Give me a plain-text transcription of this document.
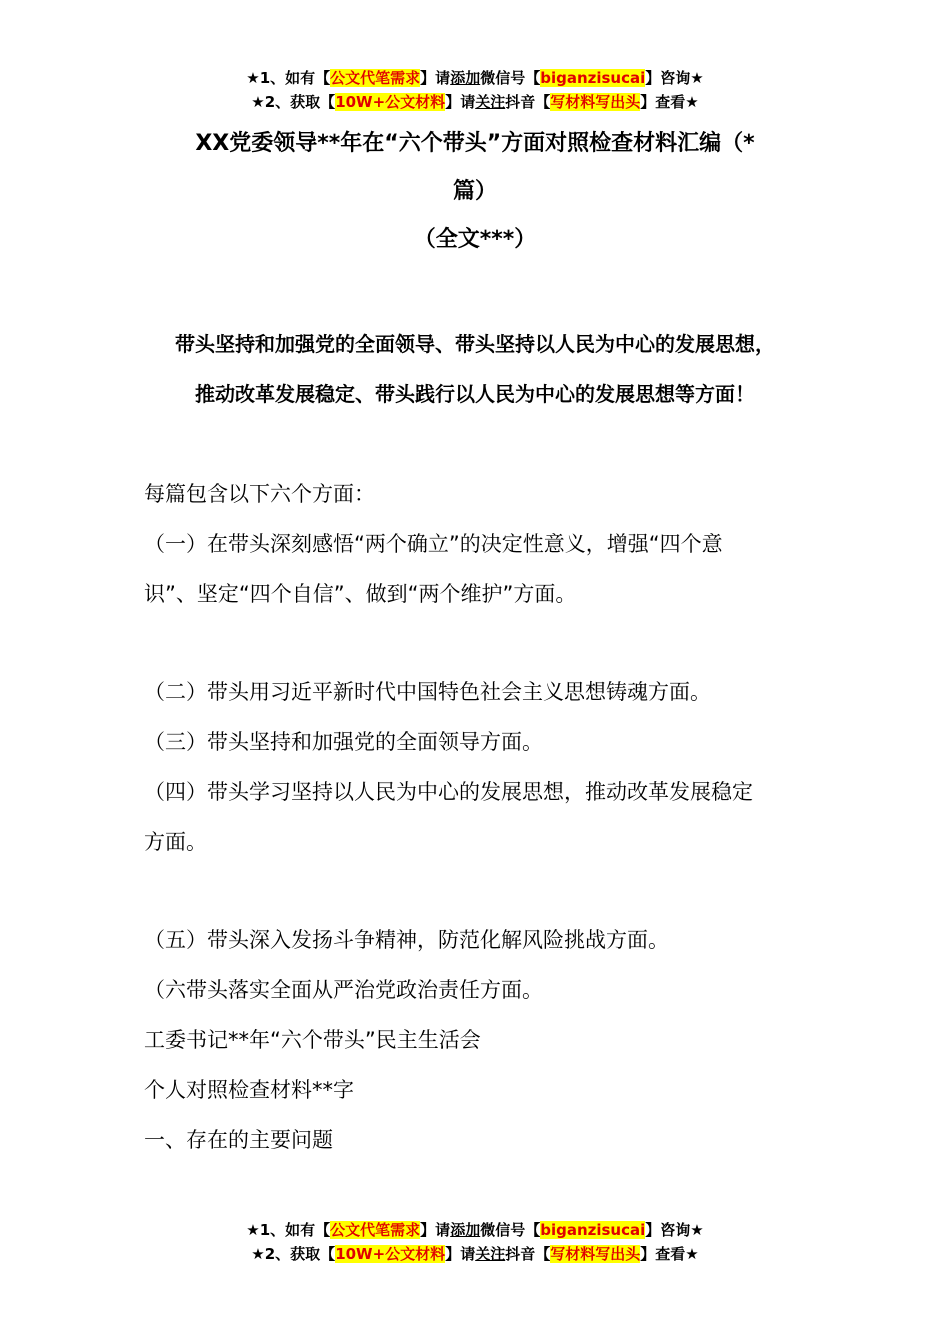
★1、如有【公文代笔需求】请添加微信号【biganzisucai】咨询★
★2、获取【10W+公文材料】请关注抖音【写材料写出头】查看★
XX党委领导**年在“六个带头”方面对照检查材料汇编（*
篇）
（全文***）
带头坚持和加强党的全面领导、带头坚持以人民为中心的发展思想，
推动改革发展稳定、带头践行以人民为中心的发展思想等方面！
每篇包含以下六个方面：
（一）在带头深刻感悟“两个确立”的决定性意义，增强“四个意
识”、坚定“四个自信”、做到“两个维护”方面。
（二）带头用习近平新时代中国特色社会主义思想铸魂方面。
（三）带头坚持和加强党的全面领导方面。
（四）带头学习坚持以人民为中心的发展思想，推动改革发展稳定
方面。
（五）带头深入发扬斗争精神，防范化解风险挑战方面。
（六带头落实全面从严治党政治责任方面。
工委书记**年“六个带头”民主生活会
个人对照检查材料**字
一、存在的主要问题
★1、如有【公文代笔需求】请添加微信号【biganzisucai】咨询★
★2、获取【10W+公文材料】请关注抖音【写材料写出头】查看★
